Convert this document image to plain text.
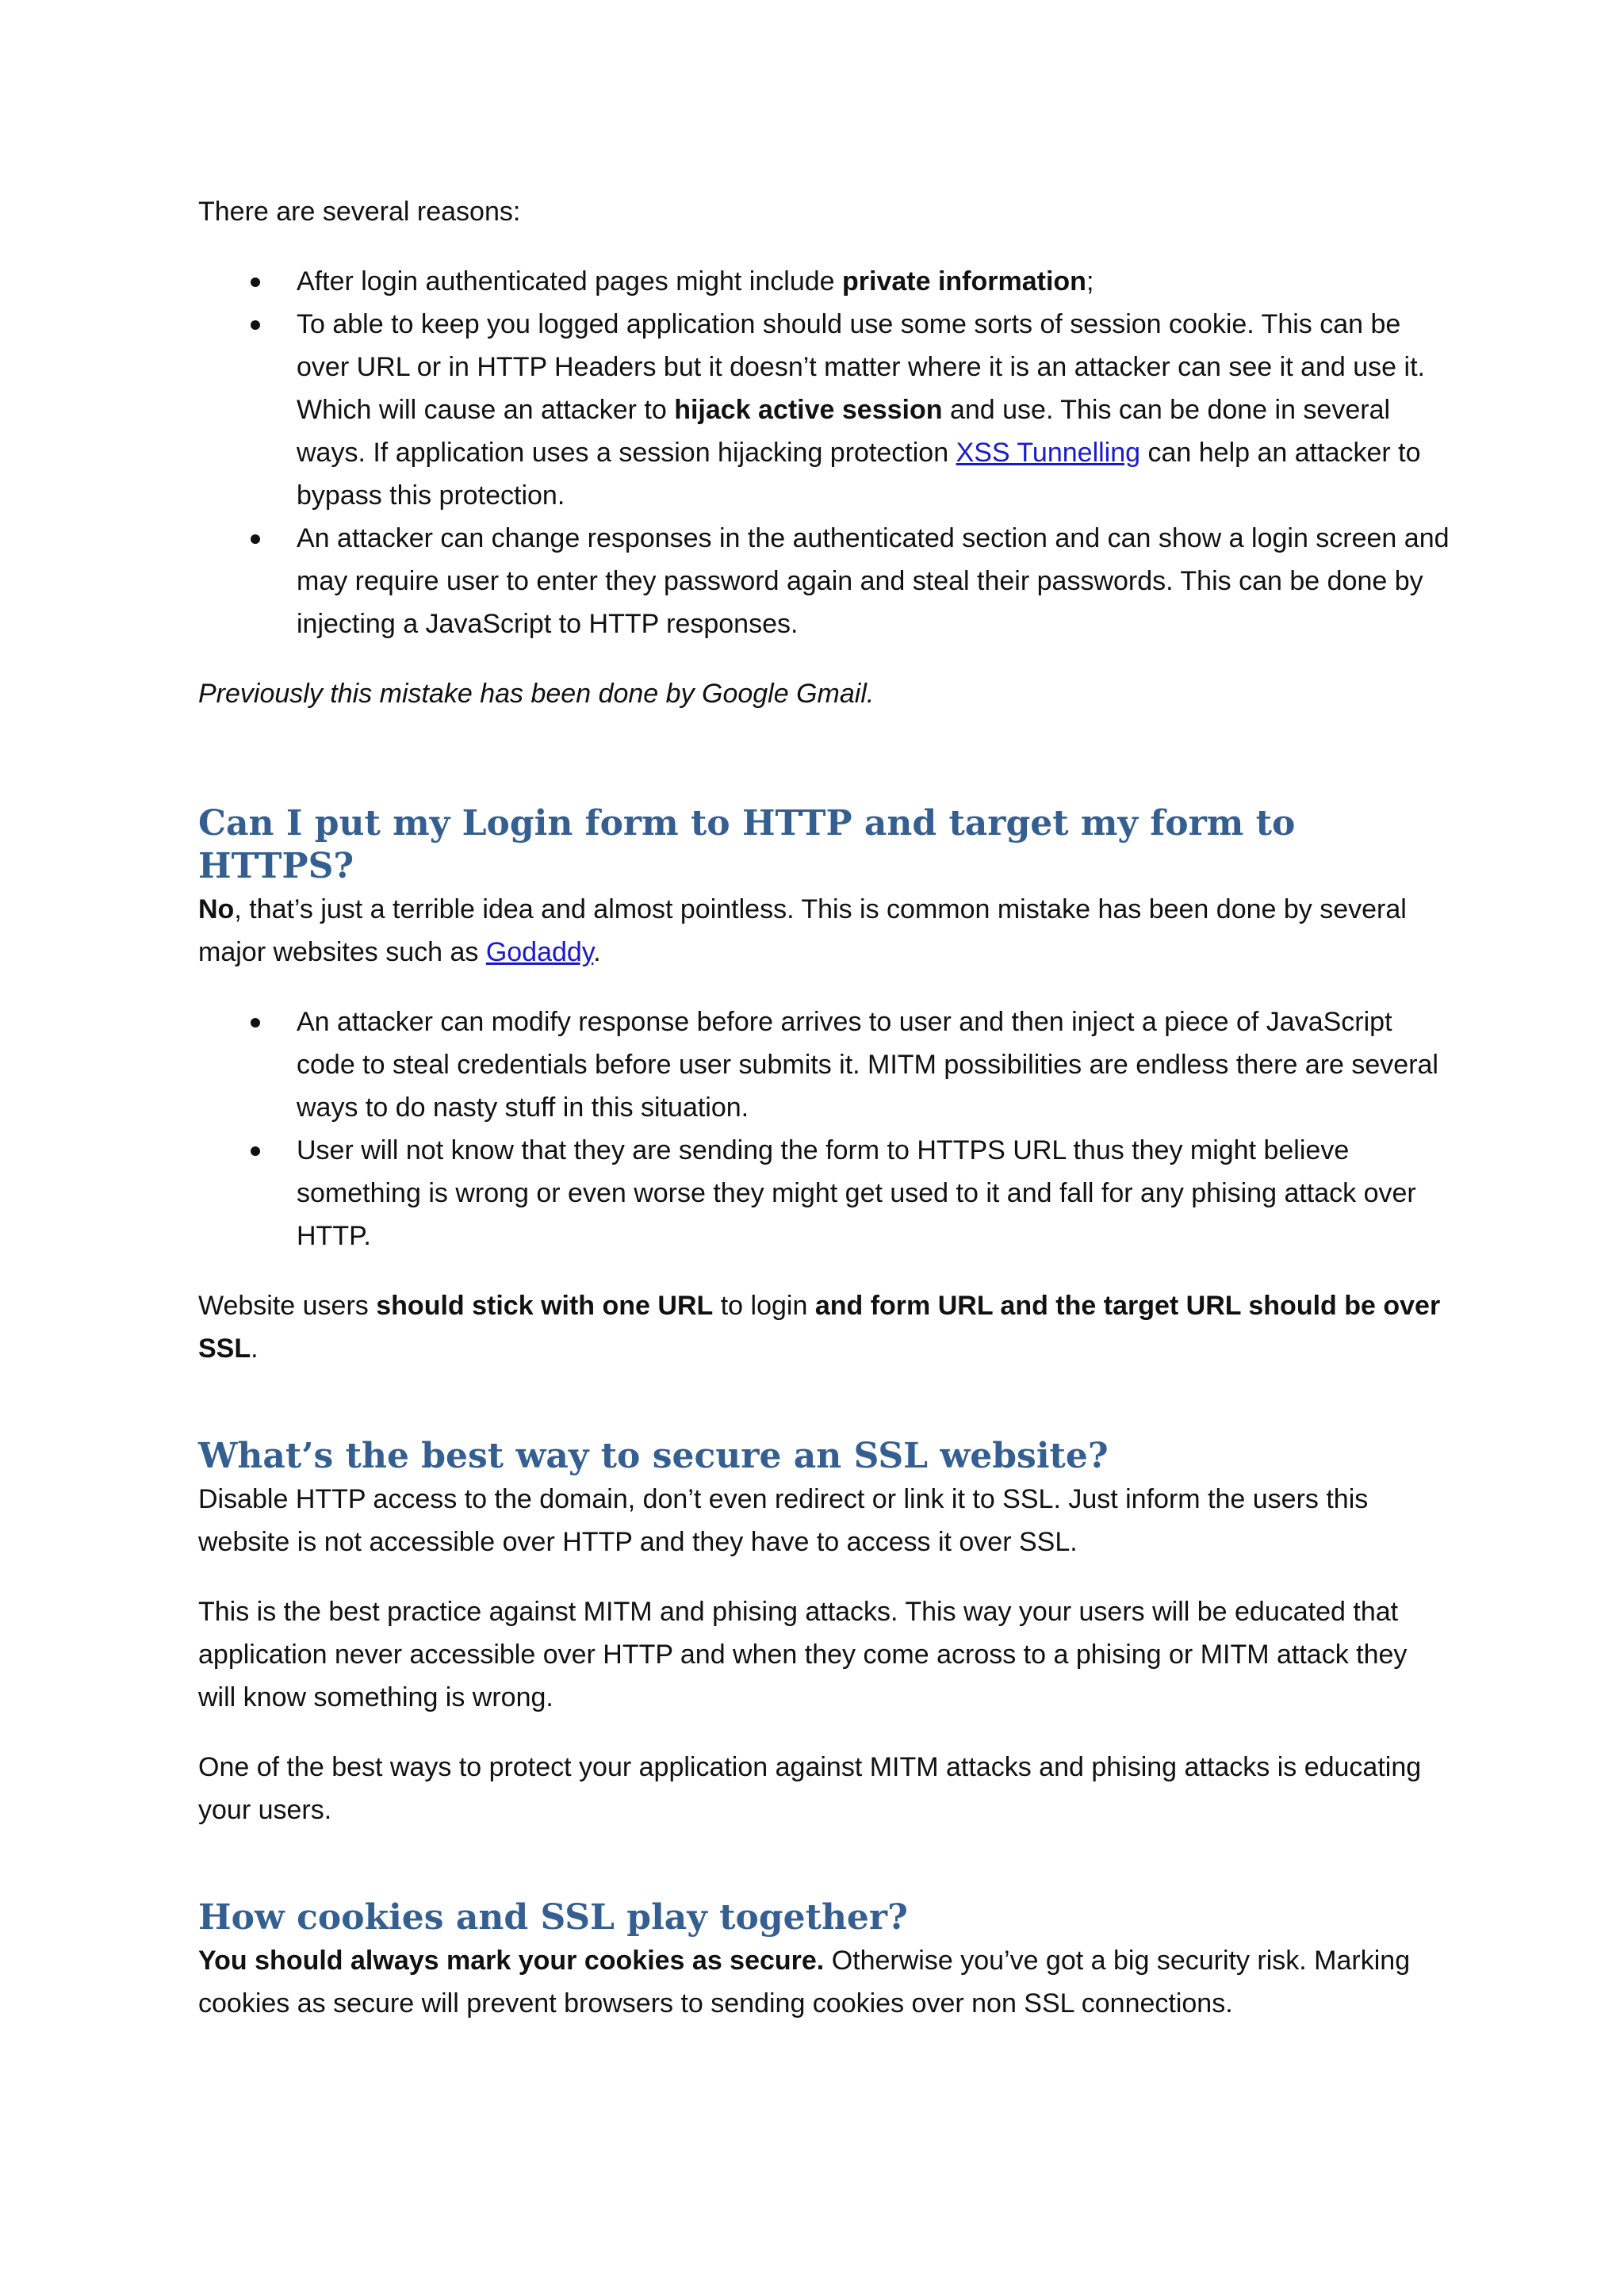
There are several reasons:

After login authenticated pages might include private information;
To able to keep you logged application should use some sorts of session cookie. This can be over URL or in HTTP Headers but it doesn’t matter where it is an attacker can see it and use it. Which will cause an attacker to hijack active session and use. This can be done in several ways. If application uses a session hijacking protection XSS Tunnelling can help an attacker to bypass this protection.
An attacker can change responses in the authenticated section and can show a login screen and may require user to enter they password again and steal their passwords. This can be done by injecting a JavaScript to HTTP responses.

Previously this mistake has been done by Google Gmail.

Can I put my Login form to HTTP and target my form to HTTPS?

No, that’s just a terrible idea and almost pointless. This is common mistake has been done by several major websites such as Godaddy.

An attacker can modify response before arrives to user and then inject a piece of JavaScript code to steal credentials before user submits it. MITM possibilities are endless there are several ways to do nasty stuff in this situation.
User will not know that they are sending the form to HTTPS URL thus they might believe something is wrong or even worse they might get used to it and fall for any phising attack over HTTP.

Website users should stick with one URL to login and form URL and the target URL should be over SSL.

What’s the best way to secure an SSL website?

Disable HTTP access to the domain, don’t even redirect or link it to SSL. Just inform the users this website is not accessible over HTTP and they have to access it over SSL.

This is the best practice against MITM and phising attacks. This way your users will be educated that application never accessible over HTTP and when they come across to a phising or MITM attack they will know something is wrong.

One of the best ways to protect your application against MITM attacks and phising attacks is educating your users.

How cookies and SSL play together?

You should always mark your cookies as secure. Otherwise you’ve got a big security risk. Marking cookies as secure will prevent browsers to sending cookies over non SSL connections.
